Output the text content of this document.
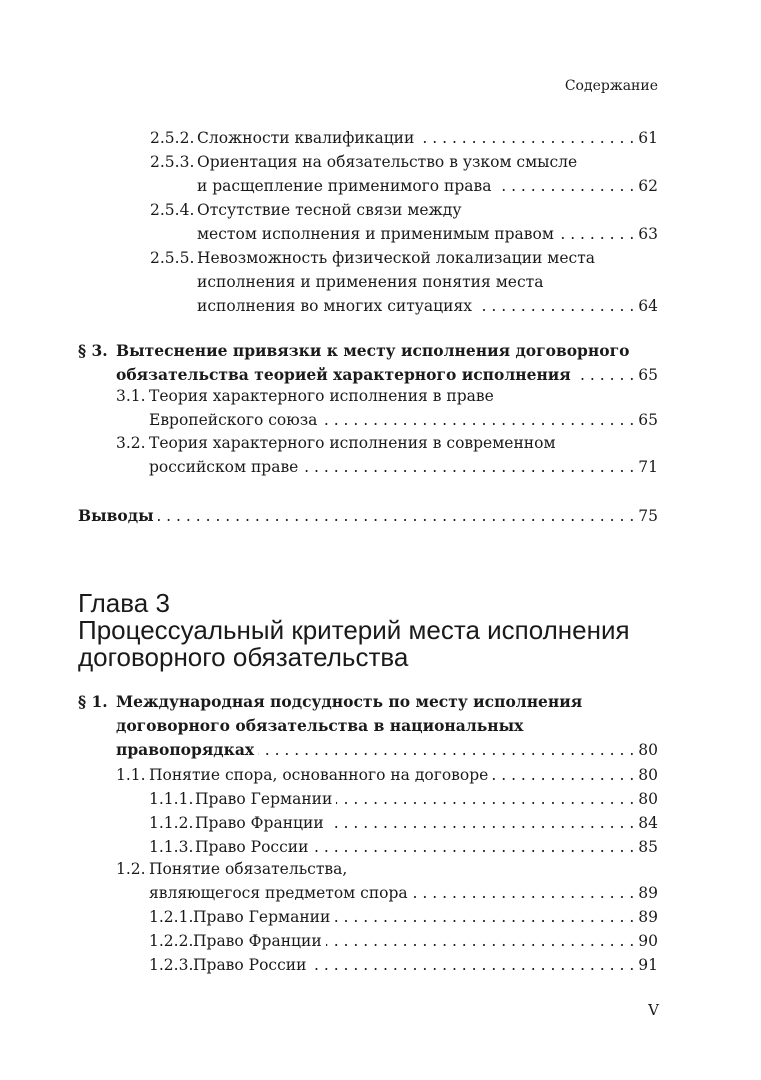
Содержание
2.5.2. Сложности квалификации . . .	61
2.5.3. Ориентация на обязательство в узком смысле
и расщепление применимого права . . .	62
2.5.4. Отсутствие тесной связи между
местом исполнения и применимым правом . . .	63
2.5.5. Невозможность физической локализации места
исполнения и применения понятия места
исполнения во многих ситуациях . . .	64
§ 3. Вытеснение привязки к месту исполнения договорного
обязательства теорией характерного исполнения . . .	65
3.1. Теория характерного исполнения в праве
Европейского союза . . .	65
3.2. Теория характерного исполнения в современном
российском праве . . .	71
Выводы . . .	75
Глава 3
Процессуальный критерий места исполнения
договорного обязательства
§ 1. Международная подсудность по месту исполнения
договорного обязательства в национальных
правопорядках . . .	80
1.1. Понятие спора, основанного на договоре . . .	80
1.1.1. Право Германии . . .	80
1.1.2. Право Франции . . .	84
1.1.3. Право России . . .	85
1.2. Понятие обязательства,
являющегося предметом спора . . .	89
1.2.1. Право Германии . . .	89
1.2.2. Право Франции . . .	90
1.2.3. Право России . . .	91
V
